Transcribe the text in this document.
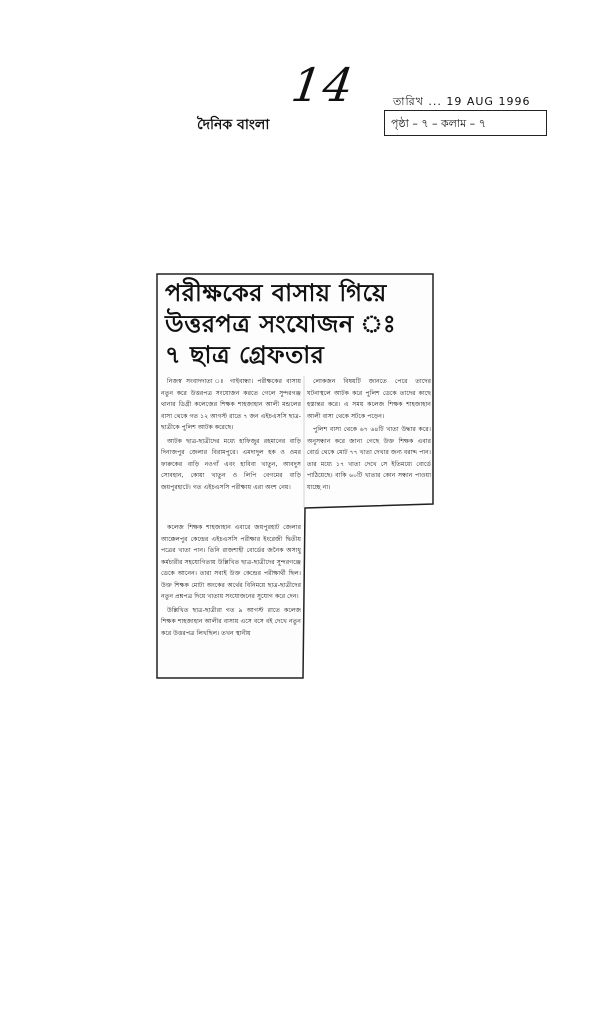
14
দৈনিক বাংলা
তারিখ ... 19 AUG 1996
পৃষ্ঠা – ৭ – কলাম – ৭
পরীক্ষকের বাসায় গিয়ে
উত্তরপত্র সংযোজন ঃ
৭ ছাত্র গ্রেফতার

নিজস্ব সংবাদদাতা ঃ গাইবান্ধা। পরীক্ষকের বাসায় নতুন করে উত্তরপত্র সংযোজন করতে গেলে সুন্দরগঞ্জ থানার ডিগ্রী কলেজের শিক্ষক শাহজাহান আলী মন্ডলের বাসা থেকে গত ১২ আগস্ট রাতে ৭ জন এইচএসসি ছাত্র-ছাত্রীকে পুলিশ আটক করেছে।

আটক ছাত্র-ছাত্রীদের মধ্যে হাফিজুর রহমানের বাড়ি দিনাজপুর জেলার বিরামপুরে। এমদাদুল হক ও ওমর ফারুকের বাড়ি নওগাঁ এবং হাবিবা খাতুন, আবদুস সোবহান, কোয়া খাতুন ও লিপি বেগমের বাড়ি জয়পুরহাটে। গত এইচএসসি পরীক্ষায় এরা অংশ নেয়।

লোকজন বিষয়টি জানতে পেরে তাদের ঘটনাস্থলে আটক করে পুলিশ ডেকে তাদের কাছে হস্তান্তর করে। এ সময় কলেজ শিক্ষক শাহজাহান আলী বাসা থেকে সটকে পড়েন।

পুলিশ বাসা থেকে ৬৭ ৬৪টি খাতা উদ্ধার করে। অনুসন্ধান করে জানা গেছে উক্ত শিক্ষক এবার বোর্ড থেকে মোট ৭৭ খাতা দেখার জন্য বরাদ্দ পান। তার মধ্যে ১৭ খাতা দেখে সে ইতিমধ্যে বোর্ডে পাঠিয়েছে। বাকি ৬০টি খাতার কোন সন্ধান পাওয়া যাচ্ছে না।

কলেজ শিক্ষক শাহজাহান এবারে জয়পুরহাট জেলার আক্কেলপুর কেন্দ্রের এইচএসসি পরীক্ষার ইংরেজী দ্বিতীয় পত্রের খাতা পান। তিনি রাজশাহী বোর্ডের জনৈক অসাধু কর্মচারীর সহযোগিতায় উল্লিখিত ছাত্র-ছাত্রীদের সুন্দরগঞ্জে ডেকে আনেন। তারা সবাই উক্ত কেন্দ্রের পরীক্ষার্থী ছিল। উক্ত শিক্ষক মোটা অংকের অর্থের বিনিময়ে ছাত্র-ছাত্রীদের নতুন প্রশ্নপত্র দিয়ে খাতায় সংযোজনের সুযোগ করে দেন।

উল্লিখিত ছাত্র-ছাত্রীরা গত ৯ আগস্ট রাতে কলেজ শিক্ষক শাহজাহান আলীর বাসায় এসে বসে বই দেখে নতুন করে উত্তরপত্র লিখছিল। তখন স্থানীয়
